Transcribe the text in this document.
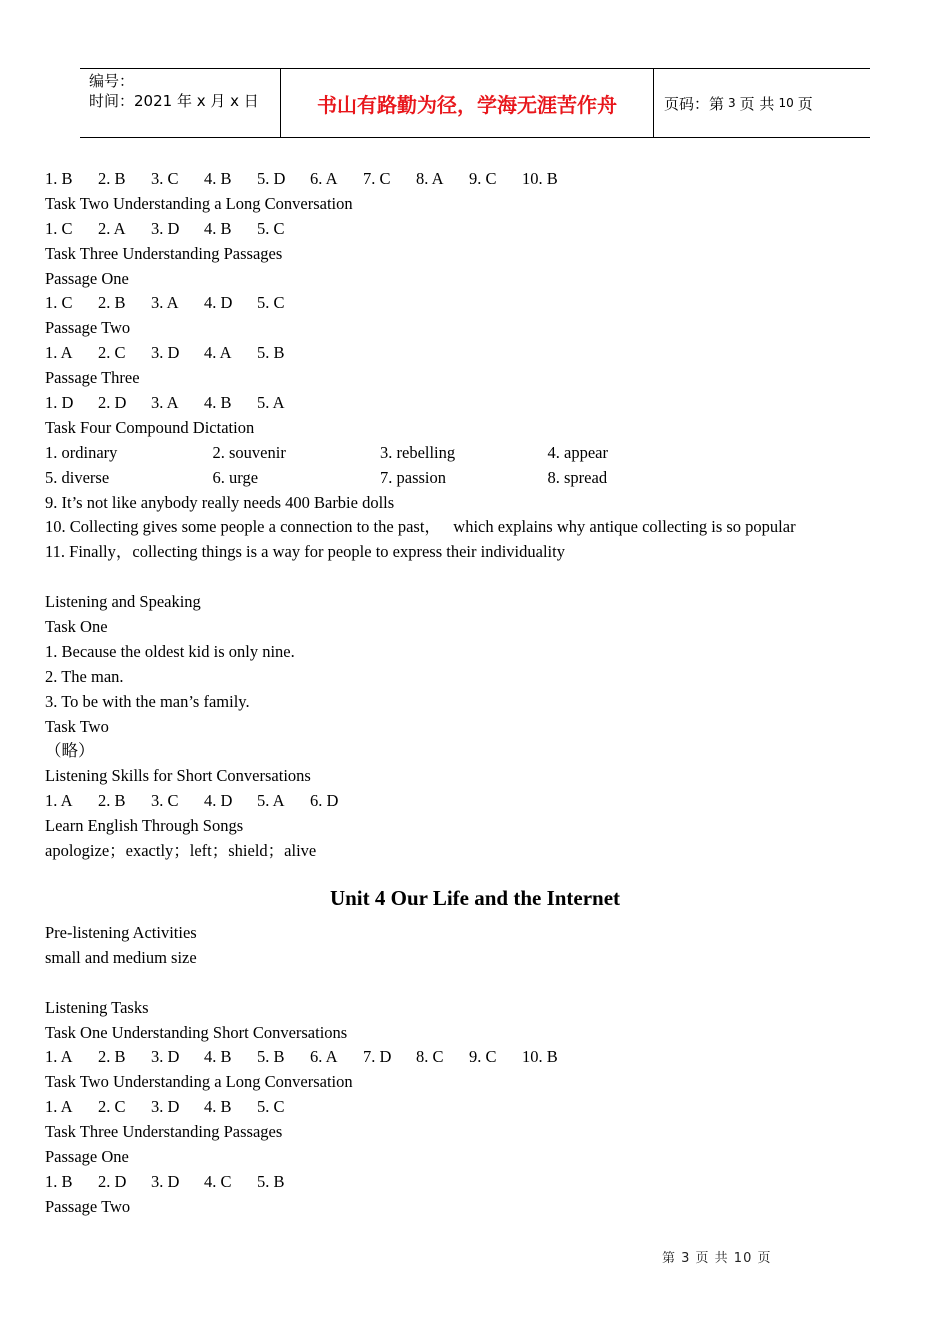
编号：
时间：2021 年 x 月 x 日	书山有路勤为径，学海无涯苦作舟	页码：第 3 页 共 10 页
1. B 2. B 3. C 4. B 5. D 6. A 7. C 8. A 9. C 10. B
Task Two Understanding a Long Conversation
1. C 2. A 3. D 4. B 5. C
Task Three Understanding Passages
Passage One
1. C 2. B 3. A 4. D 5. C
Passage Two
1. A 2. C 3. D 4. A 5. B
Passage Three
1. D 2. D 3. A 4. B 5. A
Task Four Compound Dictation
1. ordinary	2. souvenir	3. rebelling	4. appear
5. diverse	6. urge	7. passion	8. spread
9. It’s not like anybody really needs 400 Barbie dolls
10. Collecting gives some people a connection to the past，   which explains why antique collecting is so popular
11. Finally，collecting things is a way for people to express their individuality
Listening and Speaking
Task One
1. Because the oldest kid is only nine.
2. The man.
3. To be with the man’s family.
Task Two
（略）
Listening Skills for Short Conversations
1. A 2. B 3. C 4. D 5. A 6. D
Learn English Through Songs
apologize；exactly；left；shield；alive
Unit 4 Our Life and the Internet
Pre-listening Activities
small and medium size
Listening Tasks
Task One Understanding Short Conversations
1. A 2. B 3. D 4. B 5. B 6. A 7. D 8. C 9. C 10. B
Task Two Understanding a Long Conversation
1. A 2. C 3. D 4. B 5. C
Task Three Understanding Passages
Passage One
1. B 2. D 3. D 4. C 5. B
Passage Two
第 3 页 共 10 页
